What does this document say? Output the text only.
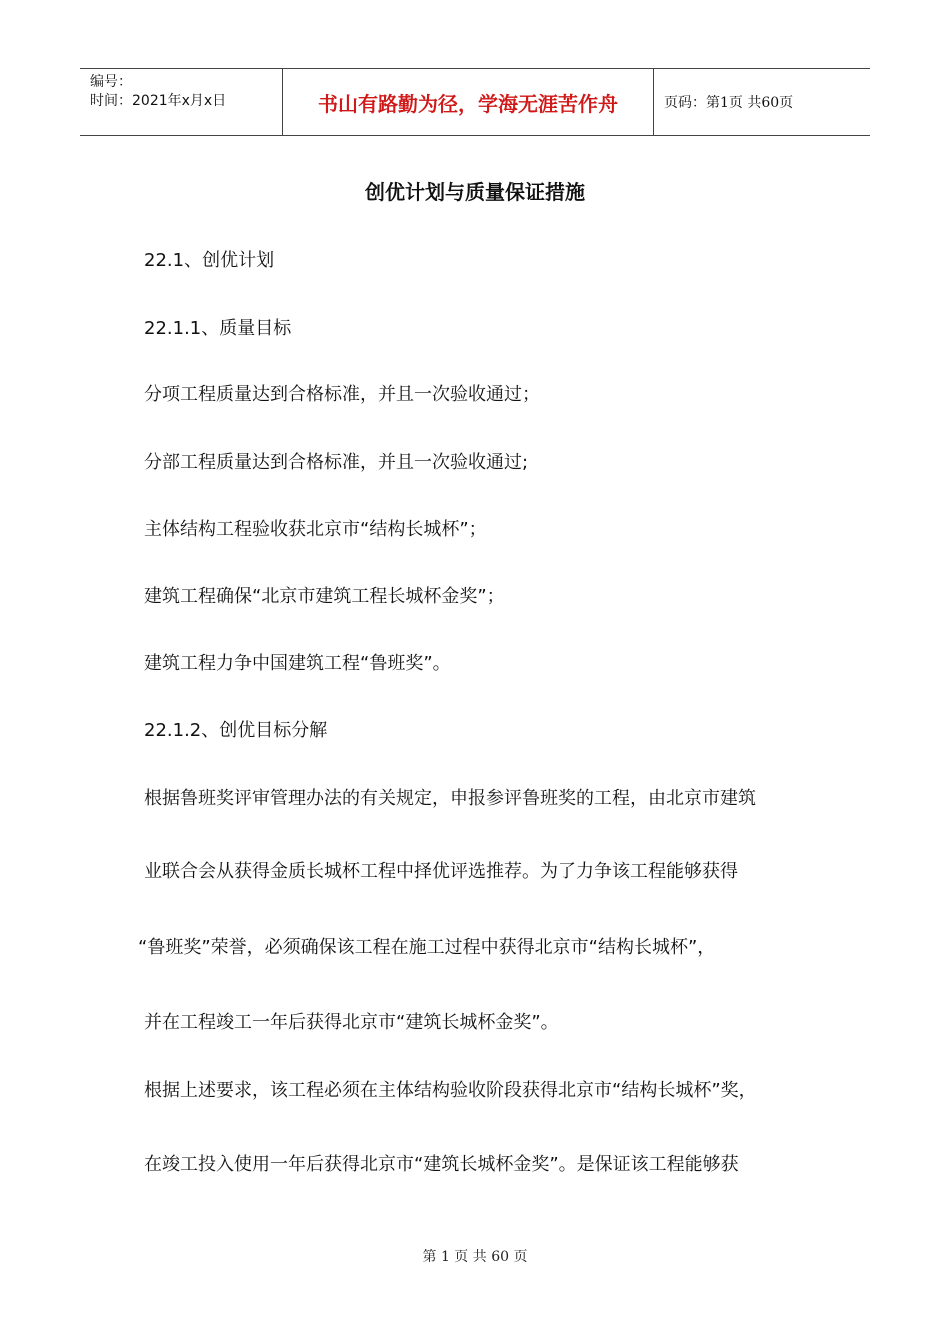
编号：
时间：2021年x月x日	书山有路勤为径，学海无涯苦作舟	页码：第1页 共60页
创优计划与质量保证措施
22.1、创优计划
22.1.1、质量目标
分项工程质量达到合格标准，并且一次验收通过；
分部工程质量达到合格标准，并且一次验收通过;
主体结构工程验收获北京市“结构长城杯”；
建筑工程确保“北京市建筑工程长城杯金奖”；
建筑工程力争中国建筑工程“鲁班奖”。
22.1.2、创优目标分解
根据鲁班奖评审管理办法的有关规定，申报参评鲁班奖的工程，由北京市建筑
业联合会从获得金质长城杯工程中择优评选推荐。为了力争该工程能够获得
“鲁班奖”荣誉，必须确保该工程在施工过程中获得北京市“结构长城杯”，
并在工程竣工一年后获得北京市“建筑长城杯金奖”。
根据上述要求，该工程必须在主体结构验收阶段获得北京市“结构长城杯”奖，
在竣工投入使用一年后获得北京市“建筑长城杯金奖”。是保证该工程能够获
第 1 页 共 60 页
